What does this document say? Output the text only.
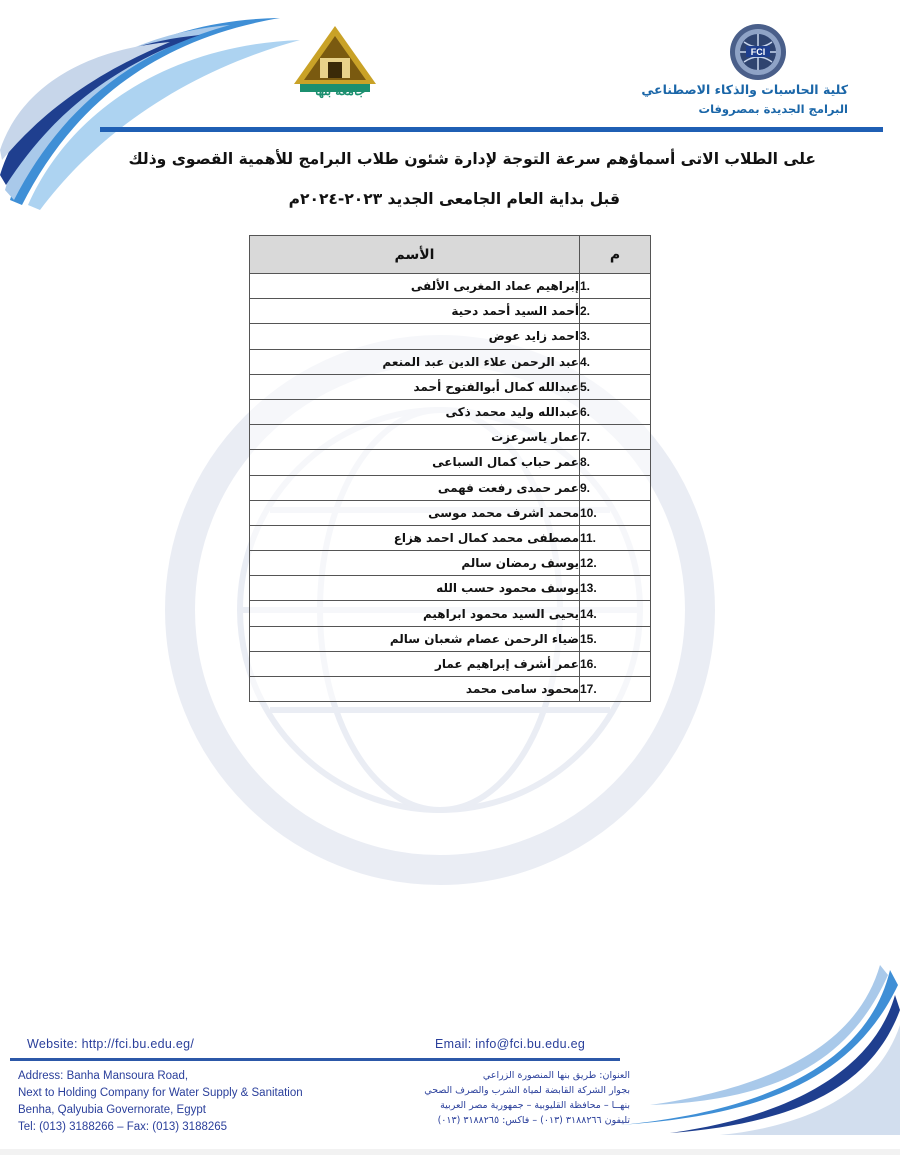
جامعة بنها
FCI
كلية الحاسبات والذكاء الاصطناعي
البرامج الجديدة بمصروفات
على الطلاب الاتى أسماؤهم سرعة التوجة لإدارة شئون طلاب البرامج للأهمية القصوى وذلك
قبل بداية العام الجامعى الجديد ٢٠٢٣-٢٠٢٤م
م	الأسم
1.	إبراهيم عماد المغربى الألفى
2.	أحمد السيد أحمد دحية
3.	احمد زايد عوض
4.	عبد الرحمن علاء الدين عبد المنعم
5.	عبدالله كمال أبوالفتوح أحمد
6.	عبدالله وليد محمد ذكى
7.	عمار ياسرعزت
8.	عمر حباب كمال السباعى
9.	عمر حمدى رفعت فهمى
10.	محمد اشرف محمد موسى
11.	مصطفى محمد كمال احمد هزاع
12.	يوسف رمضان سالم
13.	يوسف محمود حسب الله
14.	يحيى السيد محمود ابراهيم
15.	ضياء الرحمن عصام شعبان سالم
16.	عمر أشرف إبراهيم عمار
17.	محمود سامى محمد
Website: http://fci.bu.edu.eg/	Email: info@fci.bu.edu.eg
Address: Banha Mansoura Road,
Next to Holding Company for Water Supply & Sanitation
Benha, Qalyubia Governorate, Egypt
Tel: (013) 3188266 – Fax: (013) 3188265
العنوان: طريق بنها المنصورة الزراعي
بجوار الشركة القابضة لمياة الشرب والصرف الصحي
بنهــا – محافظة القليوبية – جمهورية مصر العربية
تليفون ٣١٨٨٢٦٦ (٠١٣) – فاكس: ٣١٨٨٢٦٥ (٠١٣)
